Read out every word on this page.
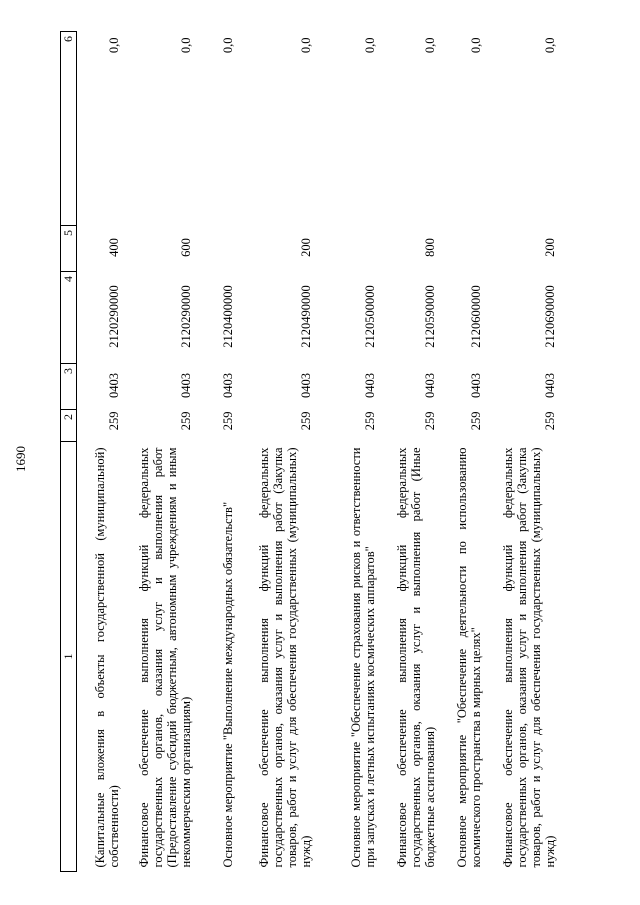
1690
1	2	3	4	5	6
(Капитальные вложения в объекты государственной (муниципальной) собственности)	259	0403	2120290000	400	0,0
Финансовое обеспечение выполнения функций федеральных государственных органов, оказания услуг и выполнения работ (Предоставление субсидий бюджетным, автономным учреждениям и иным некоммерческим организациям)	259	0403	2120290000	600	0,0
Основное мероприятие "Выполнение международных обязательств"	259	0403	2120400000		0,0
Финансовое обеспечение выполнения функций федеральных государственных органов, оказания услуг и выполнения работ (Закупка товаров, работ и услуг для обеспечения государственных (муниципальных) нужд)	259	0403	2120490000	200	0,0
Основное мероприятие "Обеспечение страхования рисков и ответственности при запусках и летных испытаниях космических аппаратов"	259	0403	2120500000		0,0
Финансовое обеспечение выполнения функций федеральных государственных органов, оказания услуг и выполнения работ (Иные бюджетные ассигнования)	259	0403	2120590000	800	0,0
Основное мероприятие "Обеспечение деятельности по использованию космического пространства в мирных целях"	259	0403	2120600000		0,0
Финансовое обеспечение выполнения функций федеральных государственных органов, оказания услуг и выполнения работ (Закупка товаров, работ и услуг для обеспечения государственных (муниципальных) нужд)	259	0403	2120690000	200	0,0
